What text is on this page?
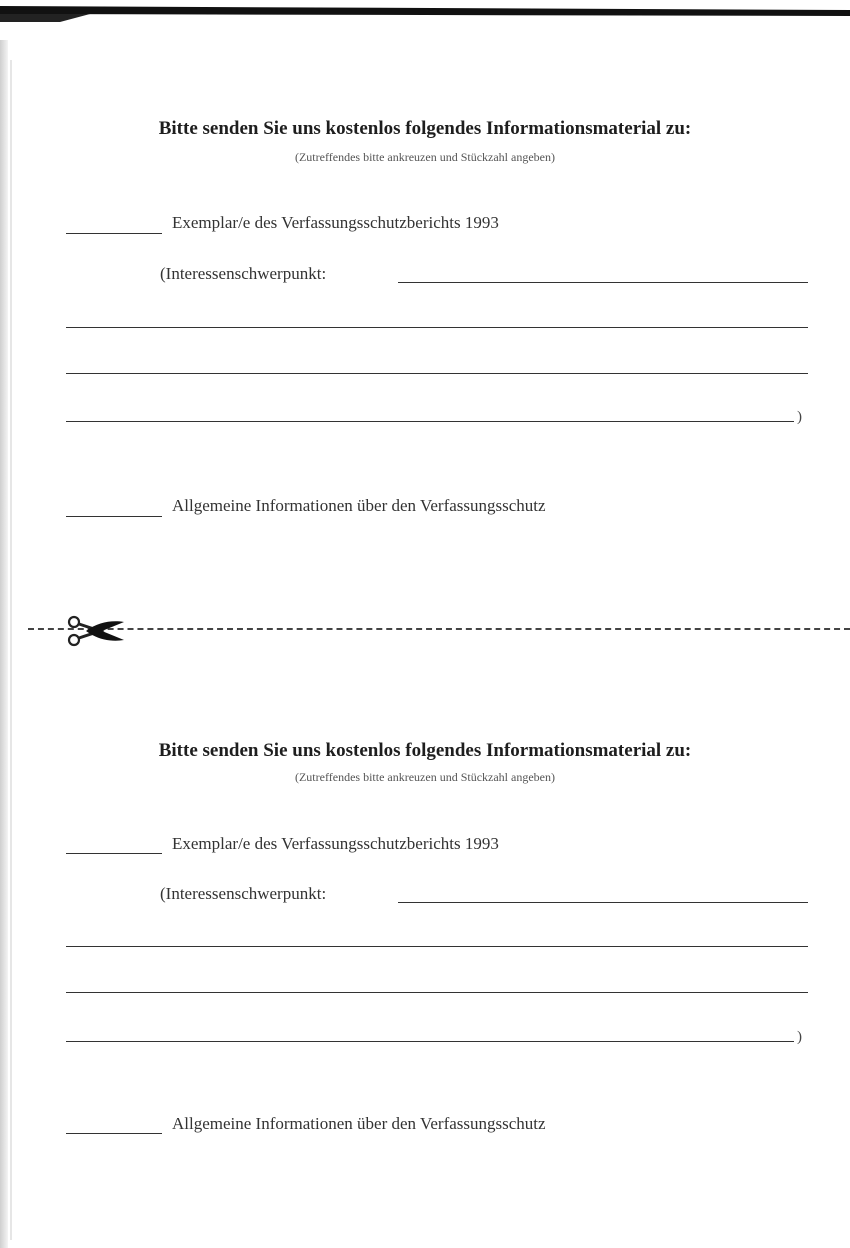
Bitte senden Sie uns kostenlos folgendes Informationsmaterial zu:
(Zutreffendes bitte ankreuzen und Stückzahl angeben)
Exemplar/e des Verfassungsschutzberichts 1993
(Interessenschwerpunkt:
)
Allgemeine Informationen über den Verfassungsschutz
Bitte senden Sie uns kostenlos folgendes Informationsmaterial zu:
(Zutreffendes bitte ankreuzen und Stückzahl angeben)
Exemplar/e des Verfassungsschutzberichts 1993
(Interessenschwerpunkt:
)
Allgemeine Informationen über den Verfassungsschutz
